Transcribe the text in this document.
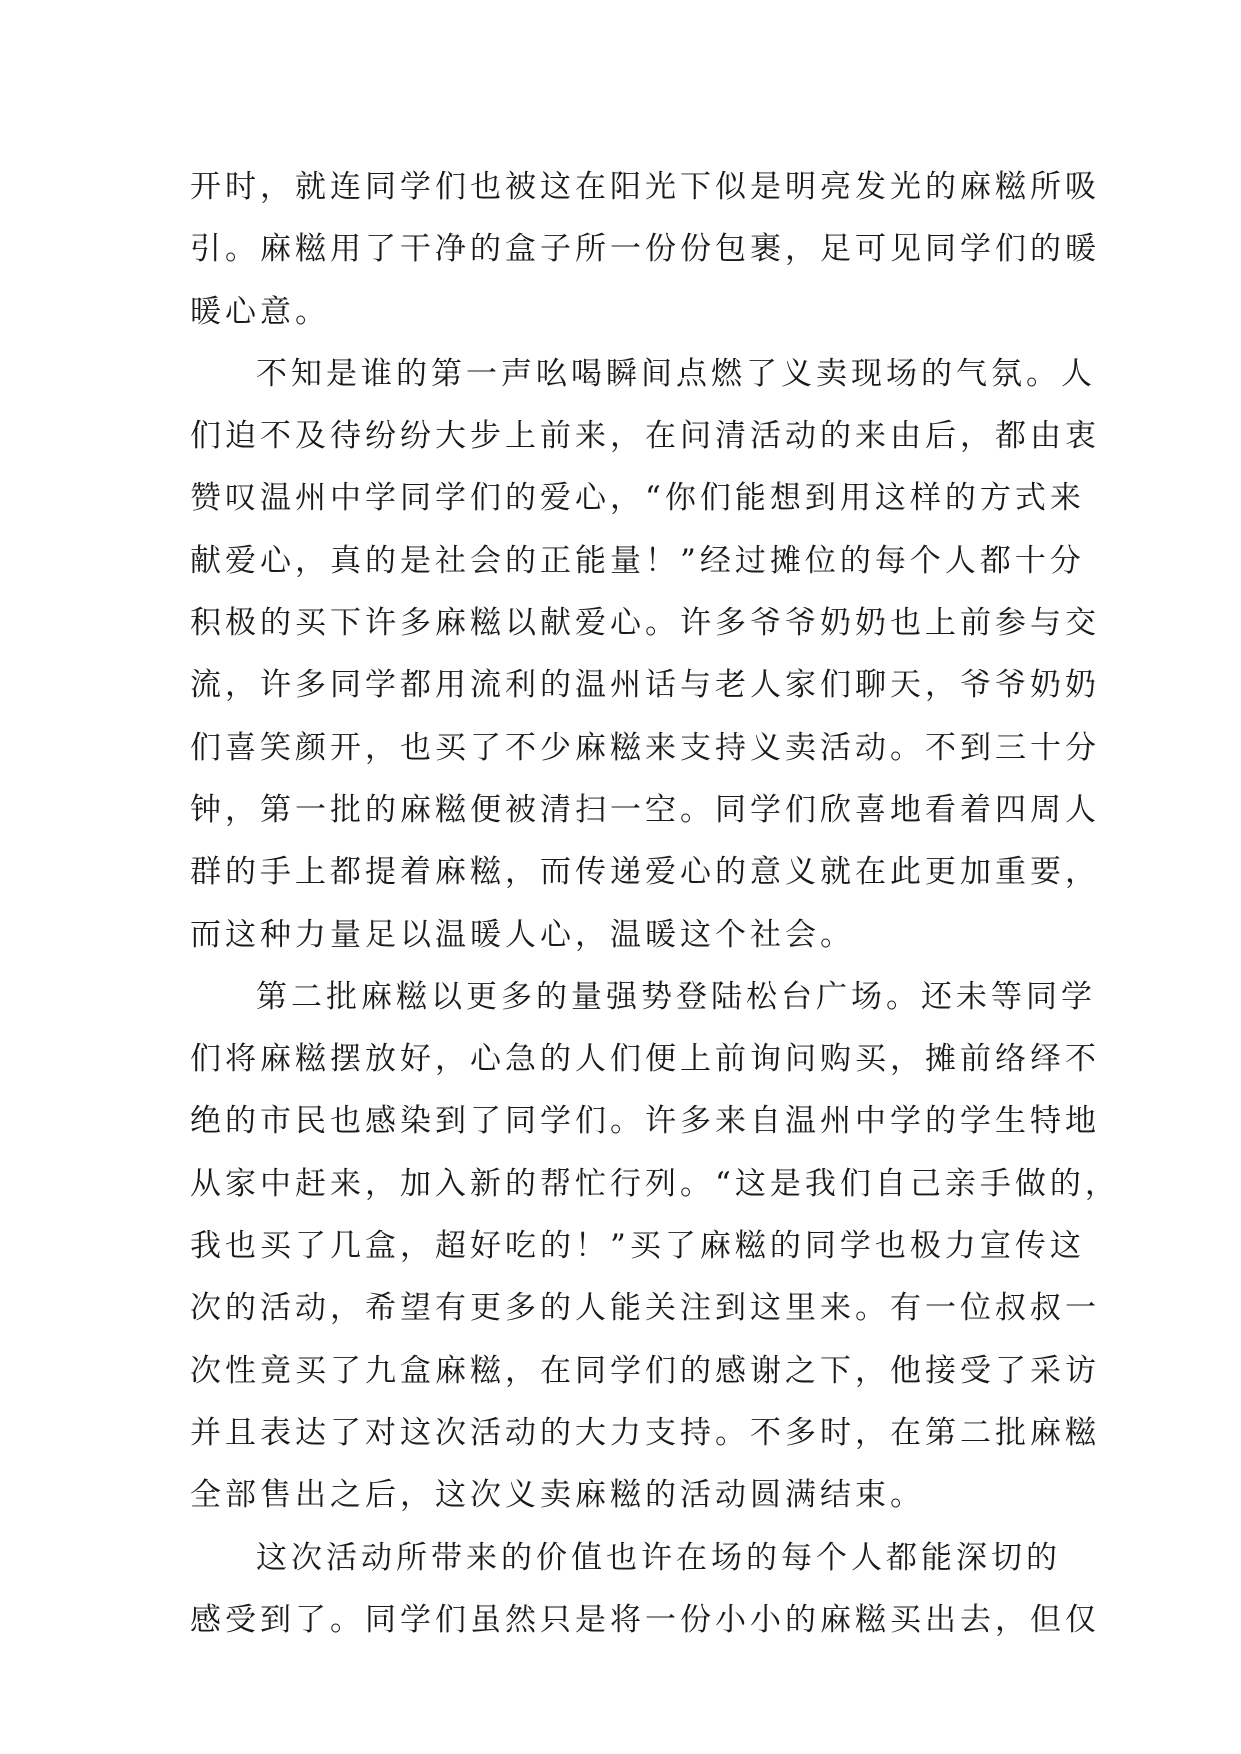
开时，就连同学们也被这在阳光下似是明亮发光的麻糍所吸
引。麻糍用了干净的盒子所一份份包裹，足可见同学们的暖
暖心意。
不知是谁的第一声吆喝瞬间点燃了义卖现场的气氛。人
们迫不及待纷纷大步上前来，在问清活动的来由后，都由衷
赞叹温州中学同学们的爱心，“你们能想到用这样的方式来
献爱心，真的是社会的正能量！”经过摊位的每个人都十分
积极的买下许多麻糍以献爱心。许多爷爷奶奶也上前参与交
流，许多同学都用流利的温州话与老人家们聊天，爷爷奶奶
们喜笑颜开，也买了不少麻糍来支持义卖活动。不到三十分
钟，第一批的麻糍便被清扫一空。同学们欣喜地看着四周人
群的手上都提着麻糍，而传递爱心的意义就在此更加重要，
而这种力量足以温暖人心，温暖这个社会。
第二批麻糍以更多的量强势登陆松台广场。还未等同学
们将麻糍摆放好，心急的人们便上前询问购买，摊前络绎不
绝的市民也感染到了同学们。许多来自温州中学的学生特地
从家中赶来，加入新的帮忙行列。“这是我们自己亲手做的，
我也买了几盒，超好吃的！”买了麻糍的同学也极力宣传这
次的活动，希望有更多的人能关注到这里来。有一位叔叔一
次性竟买了九盒麻糍，在同学们的感谢之下，他接受了采访
并且表达了对这次活动的大力支持。不多时，在第二批麻糍
全部售出之后，这次义卖麻糍的活动圆满结束。
这次活动所带来的价值也许在场的每个人都能深切的
感受到了。同学们虽然只是将一份小小的麻糍买出去，但仅
